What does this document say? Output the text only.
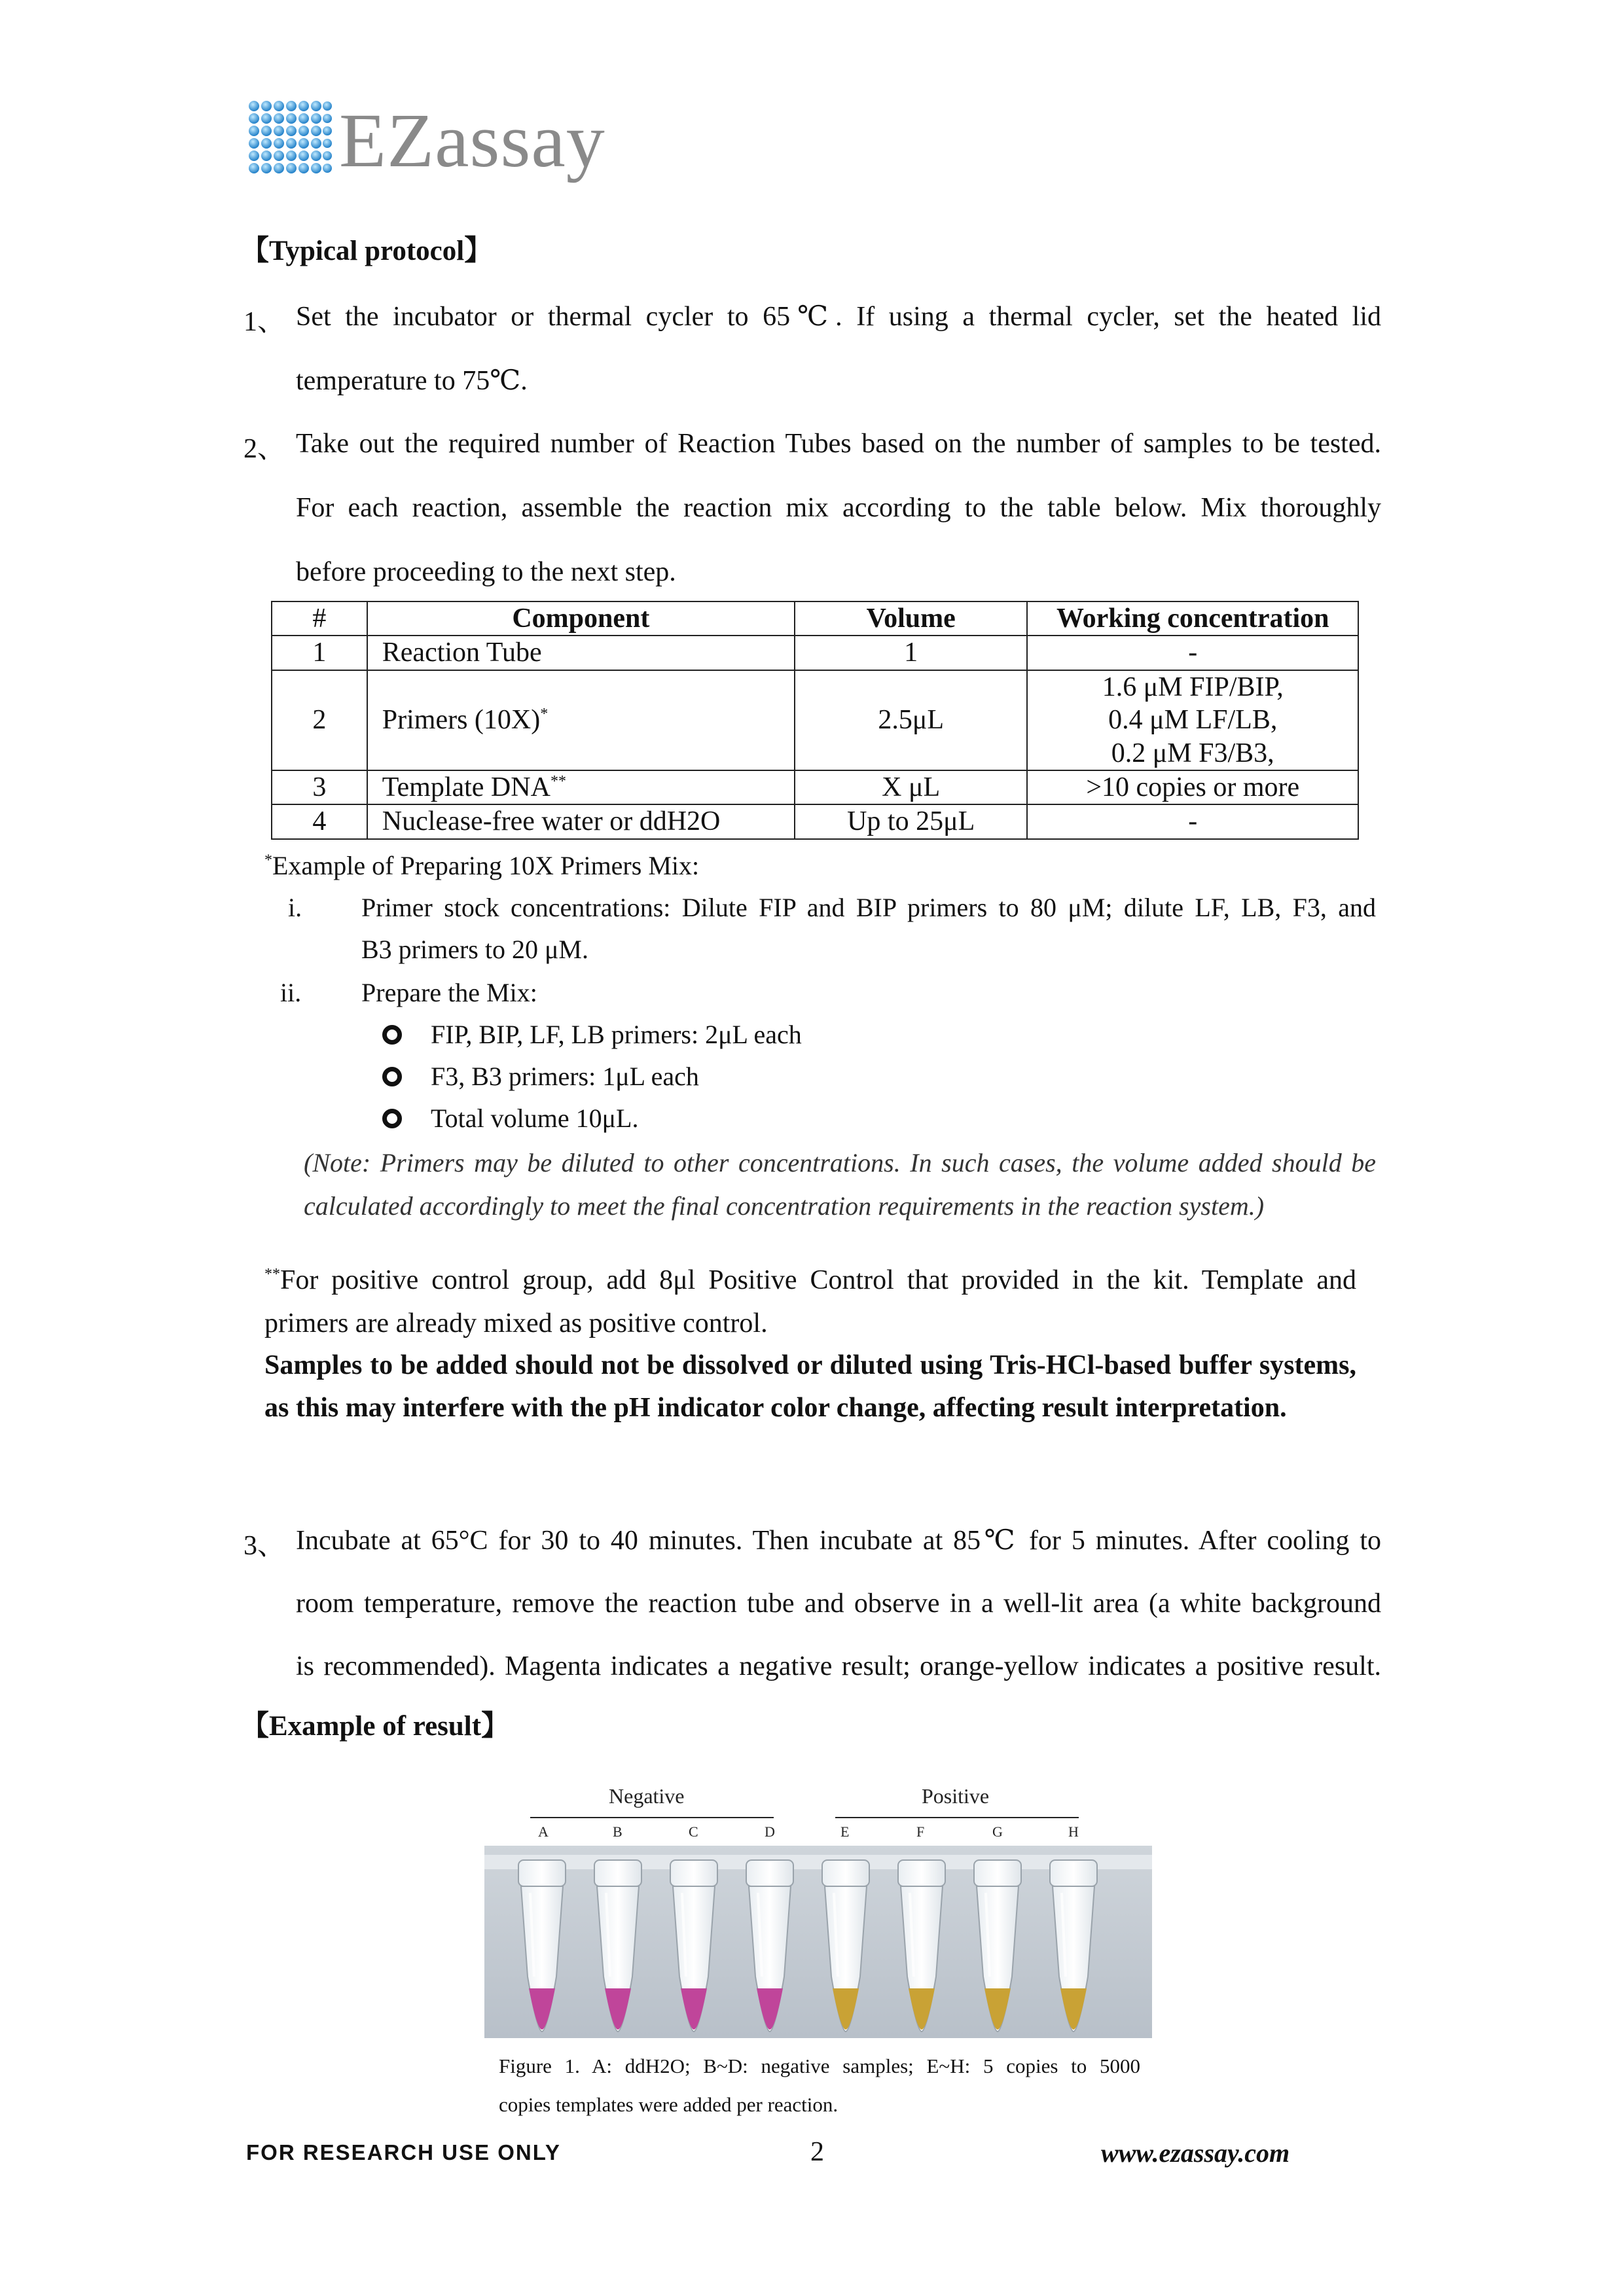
EZassay
【Typical protocol】
1、 Set the incubator or thermal cycler to 65℃. If using a thermal cycler, set the heated lid
temperature to 75℃.
2、 Take out the required number of Reaction Tubes based on the number of samples to be tested.
For each reaction, assemble the reaction mix according to the table below. Mix thoroughly
before proceeding to the next step.
#	Component	Volume	Working concentration
1	Reaction Tube	1	-
2	Primers (10X)*	2.5μL	1.6 μM FIP/BIP,
0.4 μM LF/LB,
0.2 μM F3/B3,

3	Template DNA**	X μL	>10 copies or more
4	Nuclease-free water or ddH2O	Up to 25μL	-
*Example of Preparing 10X Primers Mix:
i. Primer stock concentrations: Dilute FIP and BIP primers to 80 μM; dilute LF, LB, F3, and
B3 primers to 20 μM.
ii. Prepare the Mix:
FIP, BIP, LF, LB primers: 2μL each
F3, B3 primers: 1μL each
Total volume 10μL.
(Note: Primers may be diluted to other concentrations. In such cases, the volume added should be
calculated accordingly to meet the final concentration requirements in the reaction system.)
**For positive control group, add 8μl Positive Control that provided in the kit. Template and
primers are already mixed as positive control.
Samples to be added should not be dissolved or diluted using Tris-HCl-based buffer systems, as this may interfere with the pH indicator color change, affecting result interpretation.
3、 Incubate at 65°C for 30 to 40 minutes. Then incubate at 85℃ for 5 minutes. After cooling to
room temperature, remove the reaction tube and observe in a well-lit area (a white background
is recommended). Magenta indicates a negative result; orange-yellow indicates a positive result.
【Example of result】
Negative	Positive
A	B	C	D	E	F	G	H
Figure 1. A: ddH2O; B~D: negative samples; E~H: 5 copies to 5000
copies templates were added per reaction.
FOR RESEARCH USE ONLY	2	www.ezassay.com
